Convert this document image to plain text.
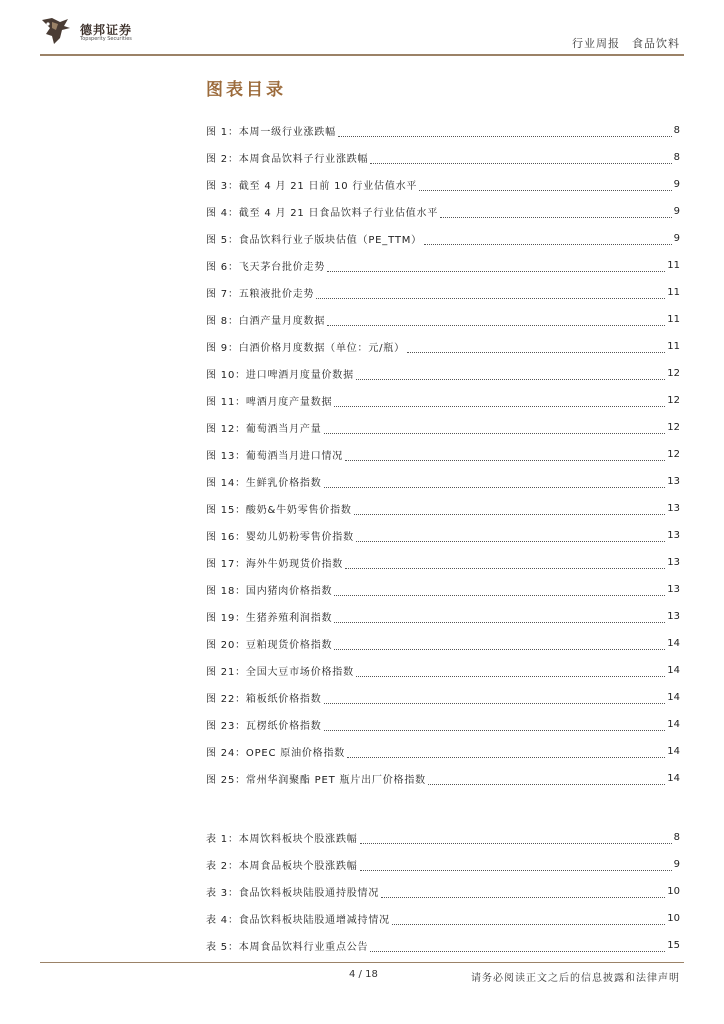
德邦证券
Topsperity Securities	行业周报 食品饮料
图表目录
图 1：本周一级行业涨跌幅	8
图 2：本周食品饮料子行业涨跌幅	8
图 3：截至 4 月 21 日前 10 行业估值水平	9
图 4：截至 4 月 21 日食品饮料子行业估值水平	9
图 5：食品饮料行业子版块估值（PE_TTM）	9
图 6：飞天茅台批价走势	11
图 7：五粮液批价走势	11
图 8：白酒产量月度数据	11
图 9：白酒价格月度数据（单位：元/瓶）	11
图 10：进口啤酒月度量价数据	12
图 11：啤酒月度产量数据	12
图 12：葡萄酒当月产量	12
图 13：葡萄酒当月进口情况	12
图 14：生鲜乳价格指数	13
图 15：酸奶&牛奶零售价指数	13
图 16：婴幼儿奶粉零售价指数	13
图 17：海外牛奶现货价指数	13
图 18：国内猪肉价格指数	13
图 19：生猪养殖利润指数	13
图 20：豆粕现货价格指数	14
图 21：全国大豆市场价格指数	14
图 22：箱板纸价格指数	14
图 23：瓦楞纸价格指数	14
图 24：OPEC 原油价格指数	14
图 25：常州华润聚酯 PET 瓶片出厂价格指数	14
表 1：本周饮料板块个股涨跌幅	8
表 2：本周食品板块个股涨跌幅	9
表 3：食品饮料板块陆股通持股情况	10
表 4：食品饮料板块陆股通增减持情况	10
表 5：本周食品饮料行业重点公告	15
4 / 18	请务必阅读正文之后的信息披露和法律声明
